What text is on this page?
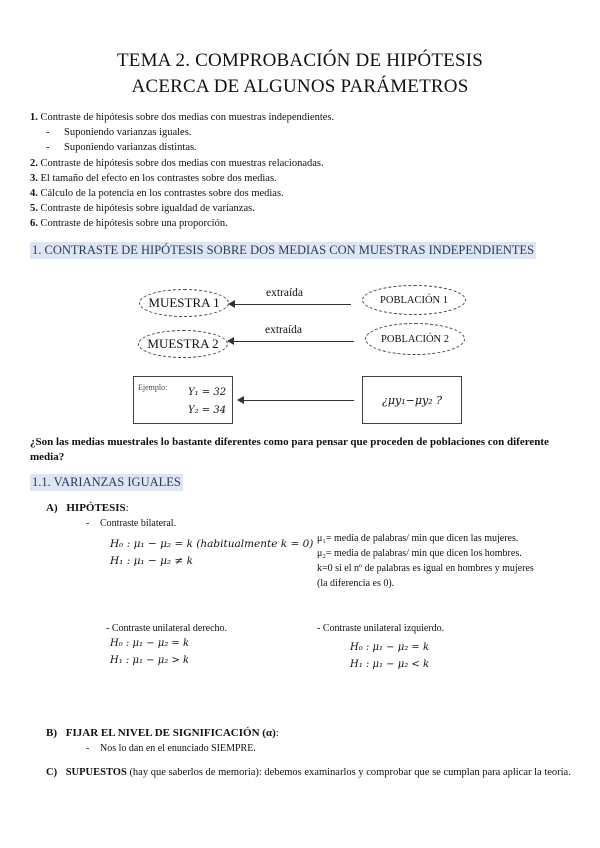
TEMA 2. COMPROBACIÓN DE HIPÓTESIS
ACERCA DE ALGUNOS PARÁMETROS
1. Contraste de hipótesis sobre dos medias con muestras independientes.
- Suponiendo varianzas iguales.
- Suponiendo varianzas distintas.
2. Contraste de hipótesis sobre dos medias con muestras relacionadas.
3. El tamaño del efecto en los contrastes sobre dos medias.
4. Cálculo de la potencia en los contrastes sobre dos medias.
5. Contraste de hipótesis sobre igualdad de varianzas.
6. Contraste de hipótesis sobre una proporción.
1. CONTRASTE DE HIPÓTESIS SOBRE DOS MEDIAS CON MUESTRAS INDEPENDIENTES
MUESTRA 1
MUESTRA 2
POBLACIÓN 1
POBLACIÓN 2
extraída
extraída
Ejemplo: Y₁ = 32
Y₂ = 34
¿μy₁−μy₂ ?
¿Son las medias muestrales lo bastante diferentes como para pensar que proceden de poblaciones con diferente media?
1.1. VARIANZAS IGUALES
A) HIPÓTESIS:
- Contraste bilateral.
H₀ : μ₁ − μ₂ = k (habitualmente k = 0)
H₁ : μ₁ − μ₂ ≠ k
μ₁= media de palabras/ min que dicen las mujeres.
μ₂= media de palabras/ min que dicen los hombres.
k=0 si el nº de palabras es igual en hombres y mujeres
(la diferencia es 0).
- Contraste unilateral derecho.
H₀ : μ₁ − μ₂ = k
H₁ : μ₁ − μ₂ > k
- Contraste unilateral izquierdo.
H₀ : μ₁ − μ₂ = k
H₁ : μ₁ − μ₂ < k
B) FIJAR EL NIVEL DE SIGNIFICACIÓN (α):
- Nos lo dan en el enunciado SIEMPRE.
C) SUPUESTOS (hay que saberlos de memoria): debemos examinarlos y comprobar que se cumplan para aplicar la teoría.
